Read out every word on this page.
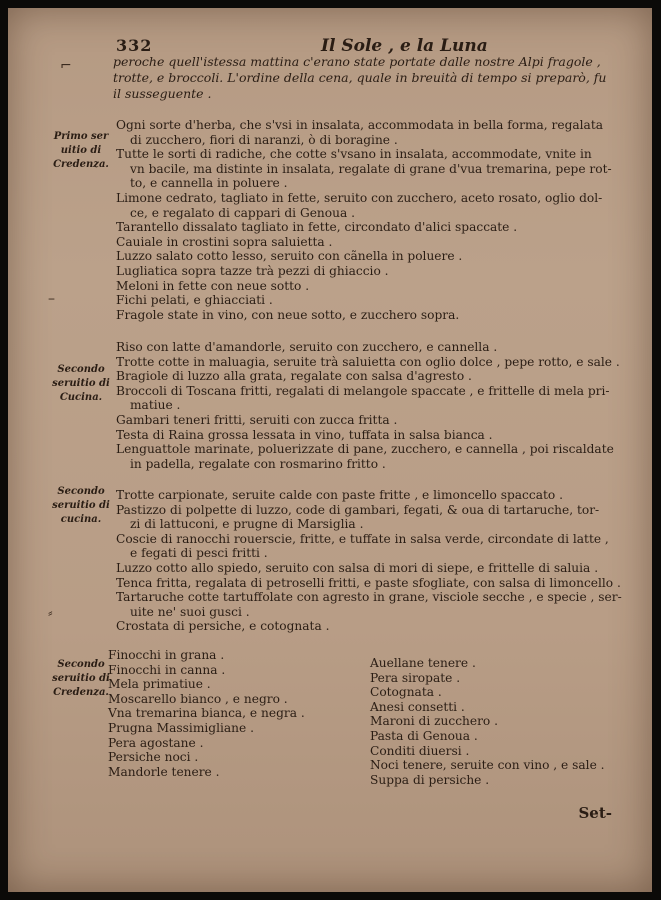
332	Il Sole , e la Luna
⌐
–
⸗
peroche quell'istessa mattina c'erano state portate dalle nostre Alpi fragole ,
trotte, e broccoli. L'ordine della cena, quale in breuità di tempo si preparò, fu
il susseguente .
Primo ser
uitio di
Credenza.
Ogni sorte d'herba, che s'vsi in insalata, accommodata in bella forma, regalata
di zucchero, fiori di naranzi, ò di boragine .
Tutte le sorti di radiche, che cotte s'vsano in insalata, accommodate, vnite in
vn bacile, ma distinte in insalata, regalate di grane d'vua tremarina, pepe rot-
to, e cannella in poluere .
Limone cedrato, tagliato in fette, seruito con zucchero, aceto rosato, oglio dol-
ce, e regalato di cappari di Genoua .
Tarantello dissalato tagliato in fette, circondato d'alici spaccate .
Cauiale in crostini sopra saluietta .
Luzzo salato cotto lesso, seruito con cãnella in poluere .
Lugliatica sopra tazze trà pezzi di ghiaccio .
Meloni in fette con neue sotto .
Fichi pelati, e ghiacciati .
Fragole state in vino, con neue sotto, e zucchero sopra.
Secondo
seruitio di
Cucina.
Riso con latte d'amandorle, seruito con zucchero, e cannella .
Trotte cotte in maluagia, seruite trà saluietta con oglio dolce , pepe rotto, e sale .
Bragiole di luzzo alla grata, regalate con salsa d'agresto .
Broccoli di Toscana fritti, regalati di melangole spaccate , e frittelle di mela pri-
matiue .
Gambari teneri fritti, seruiti con zucca fritta .
Testa di Raina grossa lessata in vino, tuffata in salsa bianca .
Lenguattole marinate, poluerizzate di pane, zucchero, e cannella , poi riscaldate
in padella, regalate con rosmarino fritto .
Secondo
seruitio di
cucina.
Trotte carpionate, seruite calde con paste fritte , e limoncello spaccato .
Pastizzo di polpette di luzzo, code di gambari, fegati, & oua di tartaruche, tor-
zi di lattuconi, e prugne di Marsiglia .
Coscie di ranocchi rouerscie, fritte, e tuffate in salsa verde, circondate di latte ,
e fegati di pesci fritti .
Luzzo cotto allo spiedo, seruito con salsa di mori di siepe, e frittelle di saluia .
Tenca fritta, regalata di petroselli fritti, e paste sfogliate, con salsa di limoncello .
Tartaruche cotte tartuffolate con agresto in grane, visciole secche , e specie , ser-
uite ne' suoi gusci .
Crostata di persiche, e cotognata .
Secondo
seruitio di
Credenza.
Finocchi in grana .
Finocchi in canna .
Mela primatiue .
Moscarello bianco , e negro .
Vna tremarina bianca, e negra .
Prugna Massimigliane .
Pera agostane .
Persiche noci .
Mandorle tenere .
Auellane tenere .
Pera siropate .
Cotognata .
Anesi consetti .
Maroni di zucchero .
Pasta di Genoua .
Conditi diuersi .
Noci tenere, seruite con vino , e sale .
Suppa di persiche .
Set-
